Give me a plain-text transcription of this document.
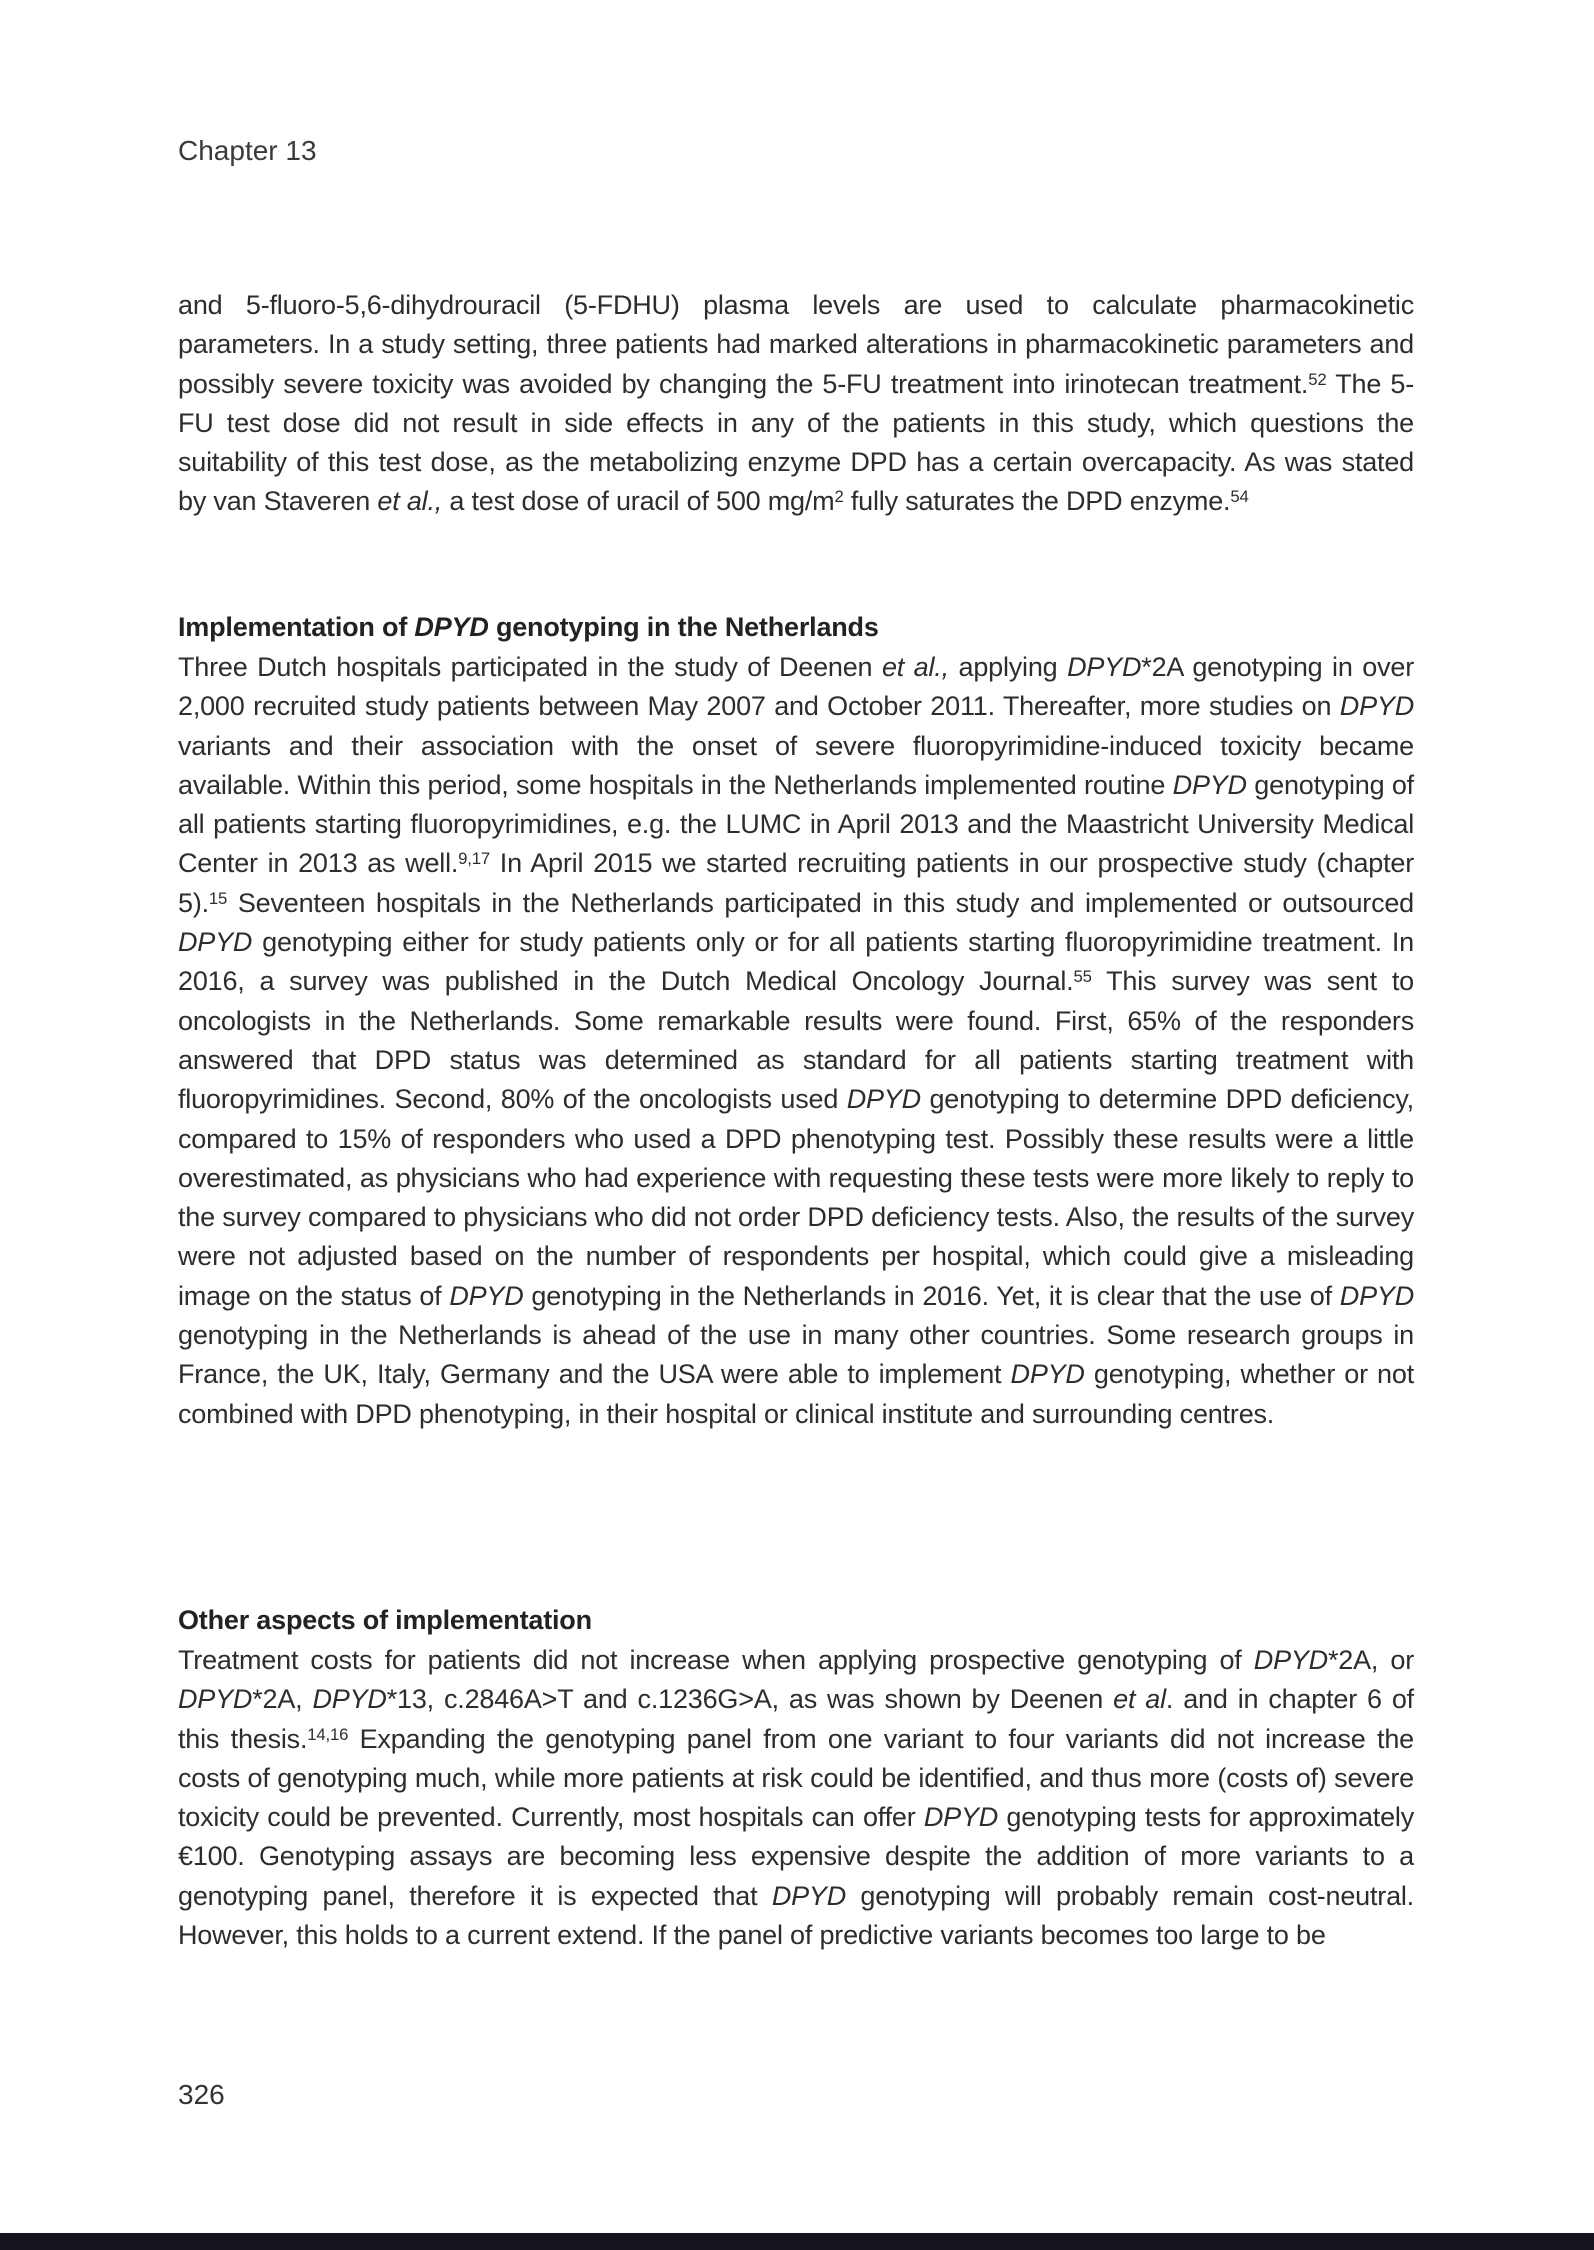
Chapter 13
and 5-fluoro-5,6-dihydrouracil (5-FDHU) plasma levels are used to calculate pharmacokinetic parameters. In a study setting, three patients had marked alterations in pharmacokinetic parameters and possibly severe toxicity was avoided by changing the 5-FU treatment into irinotecan treatment.$^{52}$ The 5-FU test dose did not result in side effects in any of the patients in this study, which questions the suitability of this test dose, as the metabolizing enzyme DPD has a certain overcapacity. As was stated by van Staveren et al., a test dose of uracil of 500 $mg/m^2$ fully saturates the DPD enzyme.$^{54}$
Implementation of DPYD genotyping in the Netherlands
Three Dutch hospitals participated in the study of Deenen et al., applying DPYD*2A genotyping in over 2,000 recruited study patients between May 2007 and October 2011. Thereafter, more studies on DPYD variants and their association with the onset of severe fluoropyrimidine-induced toxicity became available. Within this period, some hospitals in the Netherlands implemented routine DPYD genotyping of all patients starting fluoropyrimidines, e.g. the LUMC in April 2013 and the Maastricht University Medical Center in 2013 as well.$^{9,17}$ In April 2015 we started recruiting patients in our prospective study (chapter 5).$^{15}$ Seventeen hospitals in the Netherlands participated in this study and implemented or outsourced DPYD genotyping either for study patients only or for all patients starting fluoropyrimidine treatment. In 2016, a survey was published in the Dutch Medical Oncology Journal.$^{55}$ This survey was sent to oncologists in the Netherlands. Some remarkable results were found. First, 65% of the responders answered that DPD status was determined as standard for all patients starting treatment with fluoropyrimidines. Second, 80% of the oncologists used DPYD genotyping to determine DPD deficiency, compared to 15% of responders who used a DPD phenotyping test. Possibly these results were a little overestimated, as physicians who had experience with requesting these tests were more likely to reply to the survey compared to physicians who did not order DPD deficiency tests. Also, the results of the survey were not adjusted based on the number of respondents per hospital, which could give a misleading image on the status of DPYD genotyping in the Netherlands in 2016. Yet, it is clear that the use of DPYD genotyping in the Netherlands is ahead of the use in many other countries. Some research groups in France, the UK, Italy, Germany and the USA were able to implement DPYD genotyping, whether or not combined with DPD phenotyping, in their hospital or clinical institute and surrounding centres.
Other aspects of implementation
Treatment costs for patients did not increase when applying prospective genotyping of DPYD*2A, or DPYD*2A, DPYD*13, c.2846A>T and c.1236G>A, as was shown by Deenen et al. and in chapter 6 of this thesis.$^{14,16}$ Expanding the genotyping panel from one variant to four variants did not increase the costs of genotyping much, while more patients at risk could be identified, and thus more (costs of) severe toxicity could be prevented. Currently, most hospitals can offer DPYD genotyping tests for approximately €100. Genotyping assays are becoming less expensive despite the addition of more variants to a genotyping panel, therefore it is expected that DPYD genotyping will probably remain cost-neutral. However, this holds to a current extend. If the panel of predictive variants becomes too large to be
326
